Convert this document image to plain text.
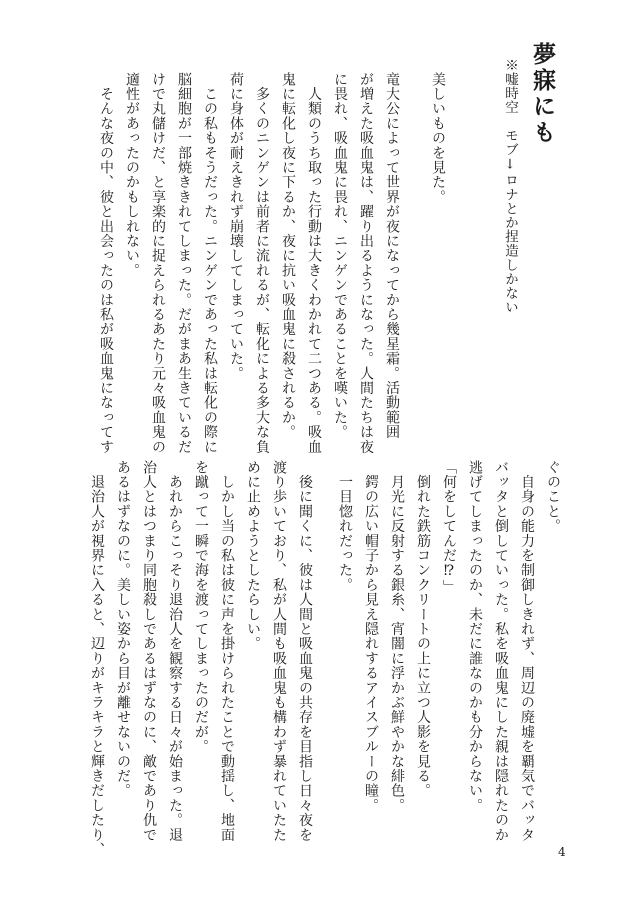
夢寐にも
※嘘時空　モブ↓ロナとか捏造しかない
美しいものを見た。
竜大公によって世界が夜になってから幾星霜。活動範囲
が増えた吸血鬼は、躍り出るようになった。人間たちは夜
に畏れ、吸血鬼に畏れ、ニンゲンであることを嘆いた。
　人類のうち取った行動は大きくわかれて二つある。吸血
鬼に転化し夜に下るか、夜に抗い吸血鬼に殺されるか。
　多くのニンゲンは前者に流れるが、転化による多大な負
荷に身体が耐えきれず崩壊してしまっていた。
　この私もそうだった。ニンゲンであった私は転化の際に
脳細胞が一部焼ききれてしまった。だがまあ生きているだ
けで丸儲けだ、と享楽的に捉えられるあたり元々吸血鬼の
適性があったのかもしれない。
　そんな夜の中、彼と出会ったのは私が吸血鬼になってす
ぐのこと。
　自身の能力を制御しきれず、周辺の廃墟を覇気でバッタ
バッタと倒していった。私を吸血鬼にした親は隠れたのか
逃げてしまったのか、未だに誰なのかも分からない。
「何をしてんだ⁉︎」
　倒れた鉄筋コンクリートの上に立つ人影を見る。
　月光に反射する銀糸、宵闇に浮かぶ鮮やかな緋色。
　鍔の広い帽子から見え隠れするアイスブルーの瞳。
　一目惚れだった。
　後に聞くに、彼は人間と吸血鬼の共存を目指し日々夜を
渡り歩いており、私が人間も吸血鬼も構わず暴れていたた
めに止めようとしたらしい。
　しかし当の私は彼に声を掛けられたことで動揺し、地面
を蹴って一瞬で海を渡ってしまったのだが。
　あれからこっそり退治人を観察する日々が始まった。退
治人とはつまり同胞殺しであるはずなのに、敵であり仇で
あるはずなのに。美しい姿から目が離せないのだ。
　退治人が視界に入ると、辺りがキラキラと輝きだしたり、	4
